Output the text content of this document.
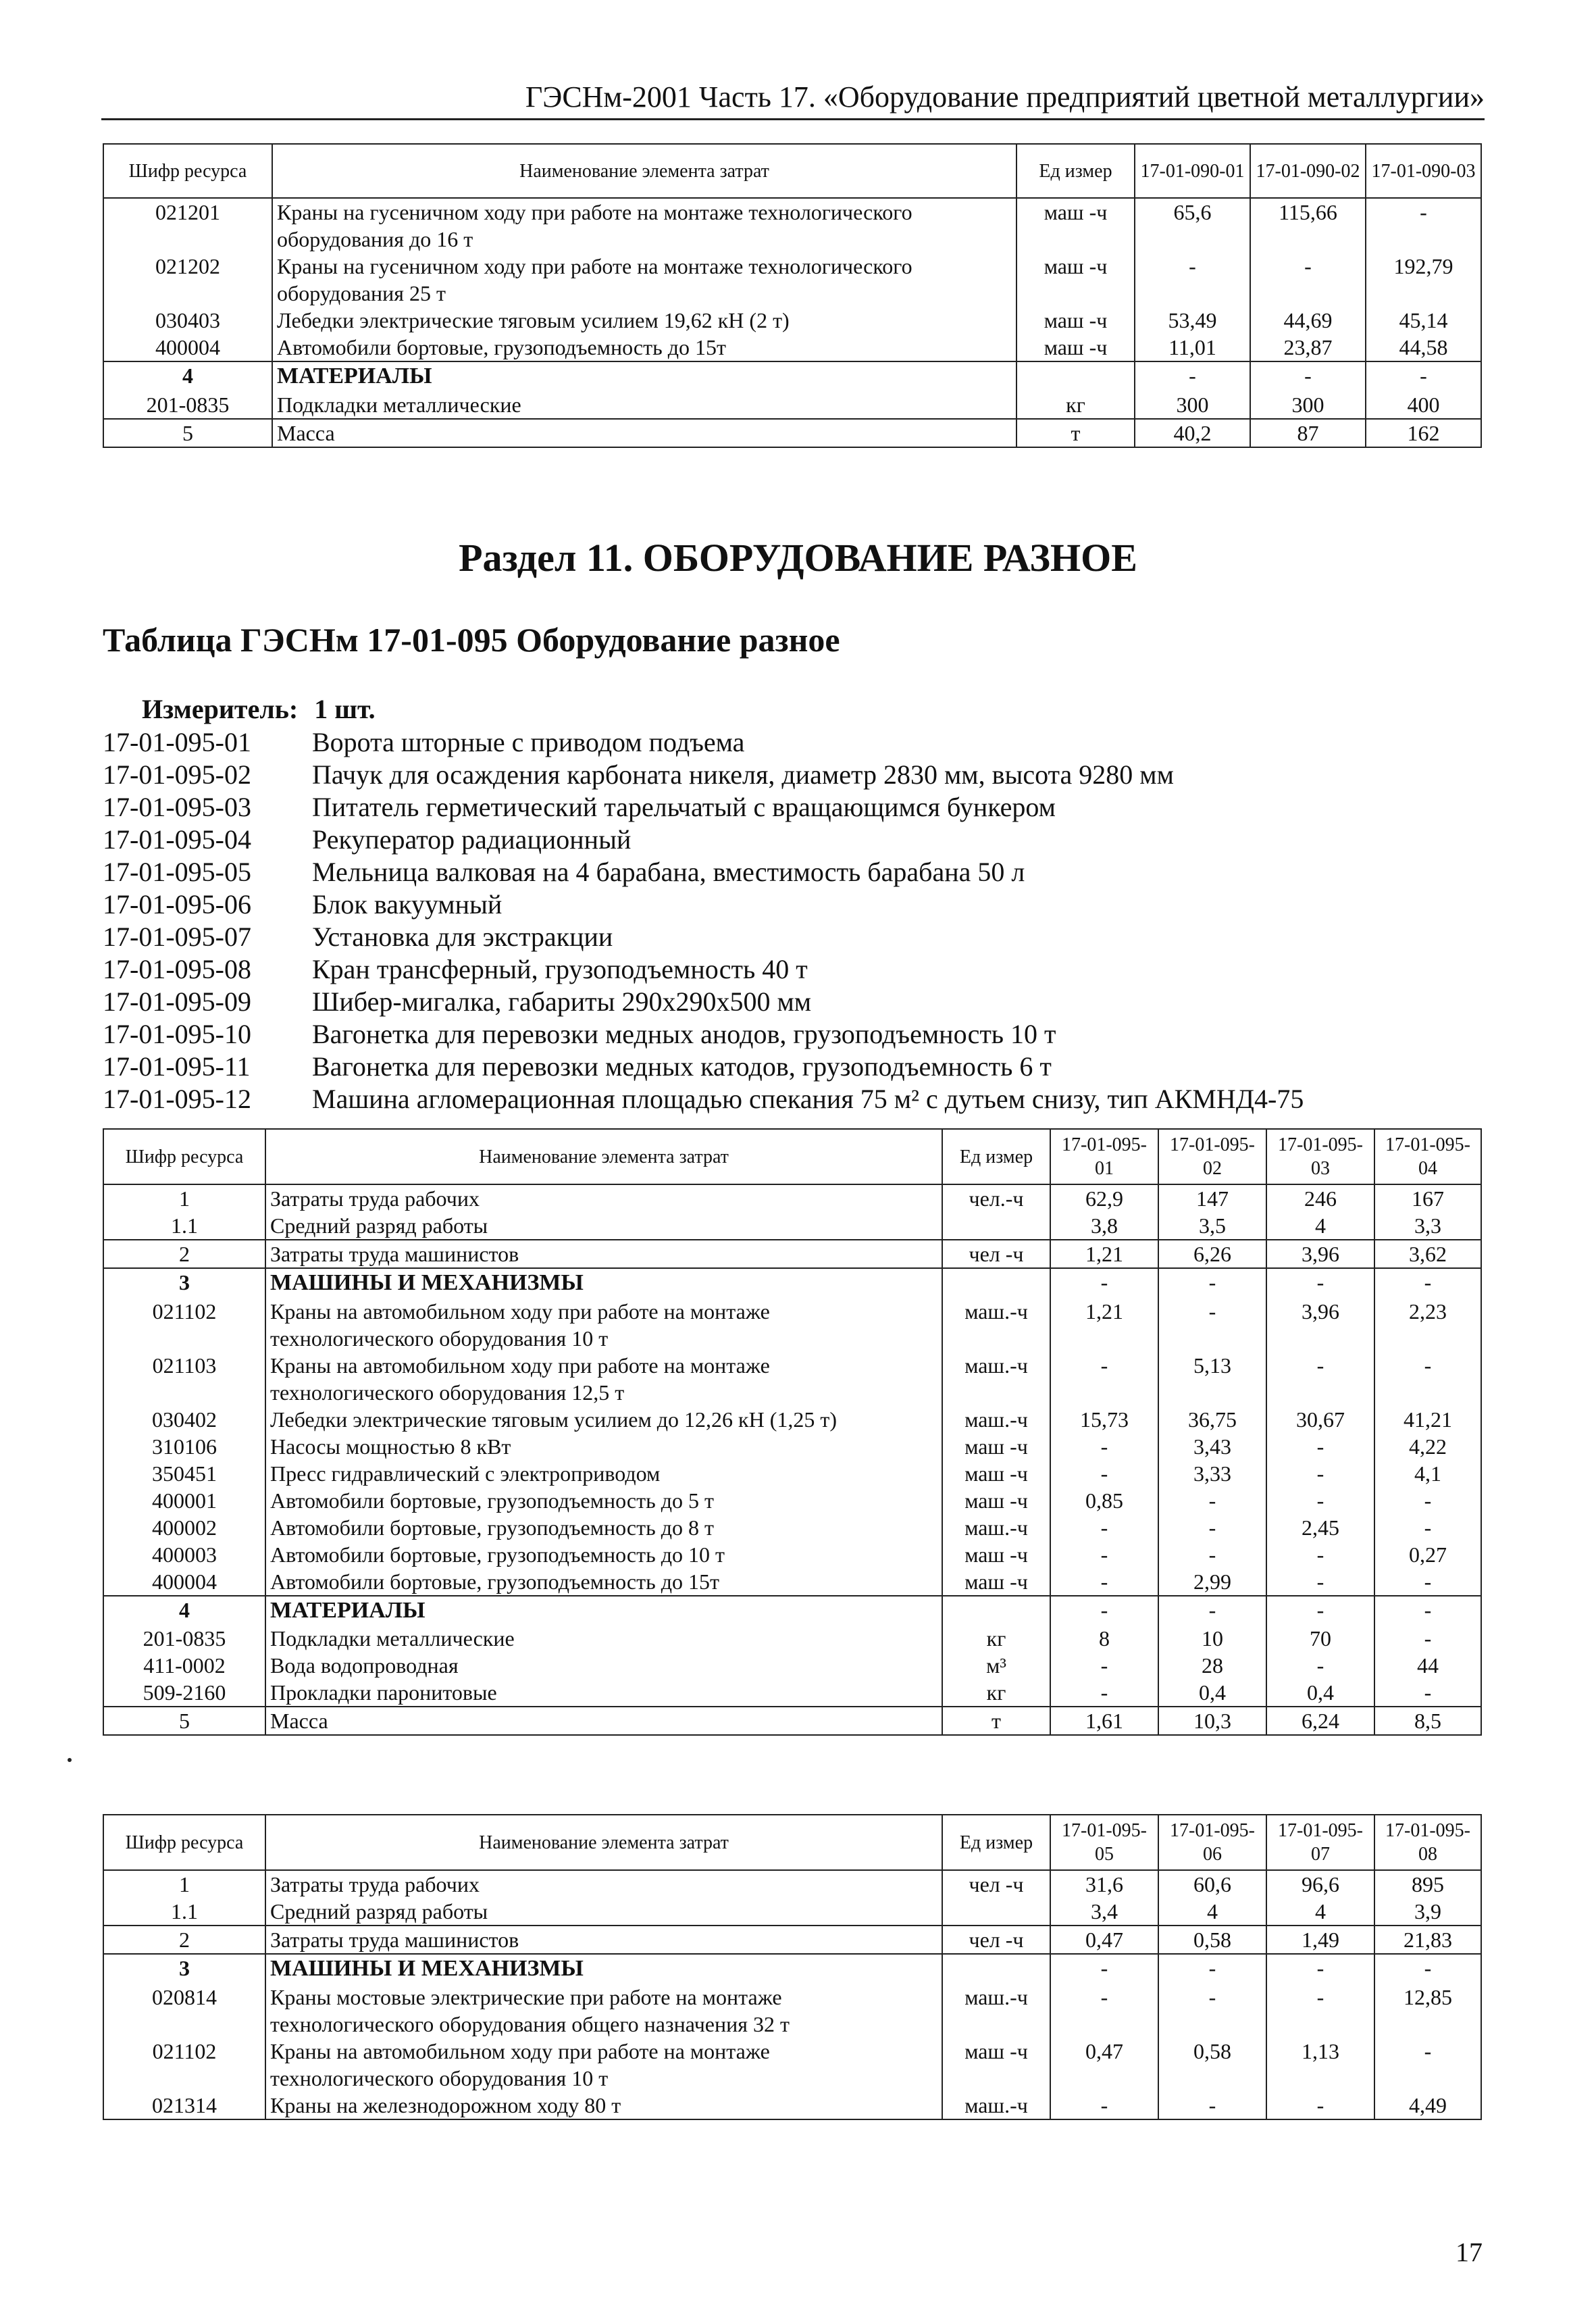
ГЭСНм-2001 Часть 17. «Оборудование предприятий цветной металлургии»
Шифр ресурса	Наименование элемента затрат	Ед измер	17-01-090-01	17-01-090-02	17-01-090-03
021201	Краны на гусеничном ходу при работе на монтаже технологического оборудования до 16 т	маш -ч	65,6	115,66	-
021202	Краны на гусеничном ходу при работе на монтаже технологического оборудования 25 т	маш -ч	-	-	192,79
030403	Лебедки электрические тяговым усилием 19,62 кН (2 т)	маш -ч	53,49	44,69	45,14
400004	Автомобили бортовые, грузоподъемность до 15т	маш -ч	11,01	23,87	44,58
4	МАТЕРИАЛЫ		-	-	-
201-0835	Подкладки металлические	кг	300	300	400
5	Масса	т	40,2	87	162
Раздел 11. ОБОРУДОВАНИЕ РАЗНОЕ
Таблица ГЭСНм 17-01-095 Оборудование разное
Измеритель: 1 шт.
17-01-095-01 Ворота шторные с приводом подъема
17-01-095-02 Пачук для осаждения карбоната никеля, диаметр 2830 мм, высота 9280 мм
17-01-095-03 Питатель герметический тарельчатый с вращающимся бункером
17-01-095-04 Рекуператор радиационный
17-01-095-05 Мельница валковая на 4 барабана, вместимость барабана 50 л
17-01-095-06 Блок вакуумный
17-01-095-07 Установка для экстракции
17-01-095-08 Кран трансферный, грузоподъемность 40 т
17-01-095-09 Шибер-мигалка, габариты 290х290х500 мм
17-01-095-10 Вагонетка для перевозки медных анодов, грузоподъемность 10 т
17-01-095-11 Вагонетка для перевозки медных катодов, грузоподъемность 6 т
17-01-095-12 Машина агломерационная площадью спекания 75 м² с дутьем снизу, тип АКМНД4-75
Шифр ресурса	Наименование элемента затрат	Ед измер	17-01-095-01	17-01-095-02	17-01-095-03	17-01-095-04
1	Затраты труда рабочих	чел.-ч	62,9	147	246	167
1.1	Средний разряд работы		3,8	3,5	4	3,3
2	Затраты труда машинистов	чел -ч	1,21	6,26	3,96	3,62
3	МАШИНЫ И МЕХАНИЗМЫ		-	-	-	-
021102	Краны на автомобильном ходу при работе на монтаже технологического оборудования 10 т	маш.-ч	1,21	-	3,96	2,23
021103	Краны на автомобильном ходу при работе на монтаже технологического оборудования 12,5 т	маш.-ч	-	5,13	-	-
030402	Лебедки электрические тяговым усилием до 12,26 кН (1,25 т)	маш.-ч	15,73	36,75	30,67	41,21
310106	Насосы мощностью 8 кВт	маш -ч	-	3,43	-	4,22
350451	Пресс гидравлический с электроприводом	маш -ч	-	3,33	-	4,1
400001	Автомобили бортовые, грузоподъемность до 5 т	маш -ч	0,85	-	-	-
400002	Автомобили бортовые, грузоподъемность до 8 т	маш.-ч	-	-	2,45	-
400003	Автомобили бортовые, грузоподъемность до 10 т	маш -ч	-	-	-	0,27
400004	Автомобили бортовые, грузоподъемность до 15т	маш -ч	-	2,99	-	-
4	МАТЕРИАЛЫ		-	-	-	-
201-0835	Подкладки металлические	кг	8	10	70	-
411-0002	Вода водопроводная	м³	-	28	-	44
509-2160	Прокладки паронитовые	кг	-	0,4	0,4	-
5	Масса	т	1,61	10,3	6,24	8,5
Шифр ресурса	Наименование элемента затрат	Ед измер	17-01-095-05	17-01-095-06	17-01-095-07	17-01-095-08
1	Затраты труда рабочих	чел -ч	31,6	60,6	96,6	895
1.1	Средний разряд работы		3,4	4	4	3,9
2	Затраты труда машинистов	чел -ч	0,47	0,58	1,49	21,83
3	МАШИНЫ И МЕХАНИЗМЫ		-	-	-	-
020814	Краны мостовые электрические при работе на монтаже технологического оборудования общего назначения 32 т	маш.-ч	-	-	-	12,85
021102	Краны на автомобильном ходу при работе на монтаже технологического оборудования 10 т	маш -ч	0,47	0,58	1,13	-
021314	Краны на железнодорожном ходу 80 т	маш.-ч	-	-	-	4,49
17
